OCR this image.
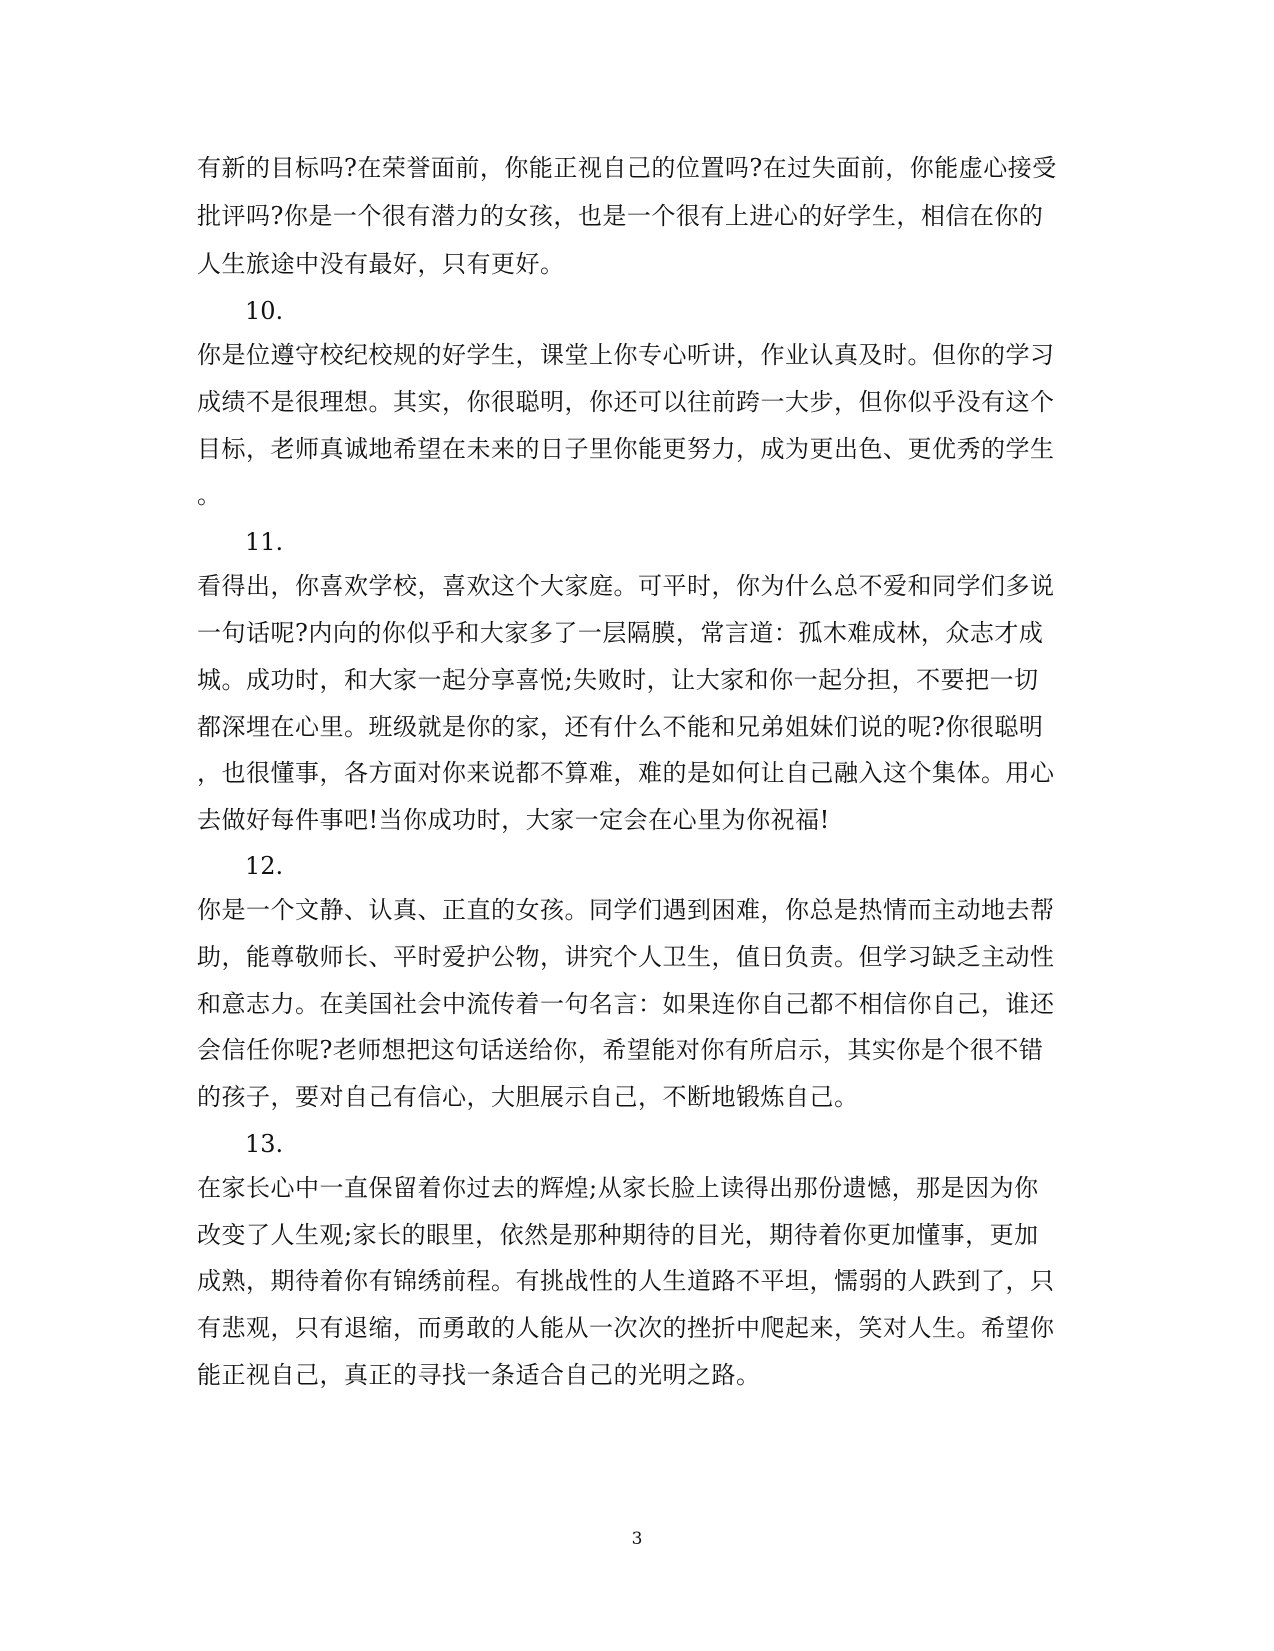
有新的目标吗?在荣誉面前，你能正视自己的位置吗?在过失面前，你能虚心接受
批评吗?你是一个很有潜力的女孩，也是一个很有上进心的好学生，相信在你的
人生旅途中没有最好，只有更好。
10.
你是位遵守校纪校规的好学生，课堂上你专心听讲，作业认真及时。但你的学习
成绩不是很理想。其实，你很聪明，你还可以往前跨一大步，但你似乎没有这个
目标，老师真诚地希望在未来的日子里你能更努力，成为更出色、更优秀的学生
。
11.
看得出，你喜欢学校，喜欢这个大家庭。可平时，你为什么总不爱和同学们多说
一句话呢?内向的你似乎和大家多了一层隔膜，常言道：孤木难成林，众志才成
城。成功时，和大家一起分享喜悦;失败时，让大家和你一起分担，不要把一切
都深埋在心里。班级就是你的家，还有什么不能和兄弟姐妹们说的呢?你很聪明
，也很懂事，各方面对你来说都不算难，难的是如何让自己融入这个集体。用心
去做好每件事吧!当你成功时，大家一定会在心里为你祝福!
12.
你是一个文静、认真、正直的女孩。同学们遇到困难，你总是热情而主动地去帮
助，能尊敬师长、平时爱护公物，讲究个人卫生，值日负责。但学习缺乏主动性
和意志力。在美国社会中流传着一句名言：如果连你自己都不相信你自己，谁还
会信任你呢?老师想把这句话送给你，希望能对你有所启示，其实你是个很不错
的孩子，要对自己有信心，大胆展示自己，不断地锻炼自己。
13.
在家长心中一直保留着你过去的辉煌;从家长脸上读得出那份遗憾，那是因为你
改变了人生观;家长的眼里，依然是那种期待的目光，期待着你更加懂事，更加
成熟，期待着你有锦绣前程。有挑战性的人生道路不平坦，懦弱的人跌到了，只
有悲观，只有退缩，而勇敢的人能从一次次的挫折中爬起来，笑对人生。希望你
能正视自己，真正的寻找一条适合自己的光明之路。
3
